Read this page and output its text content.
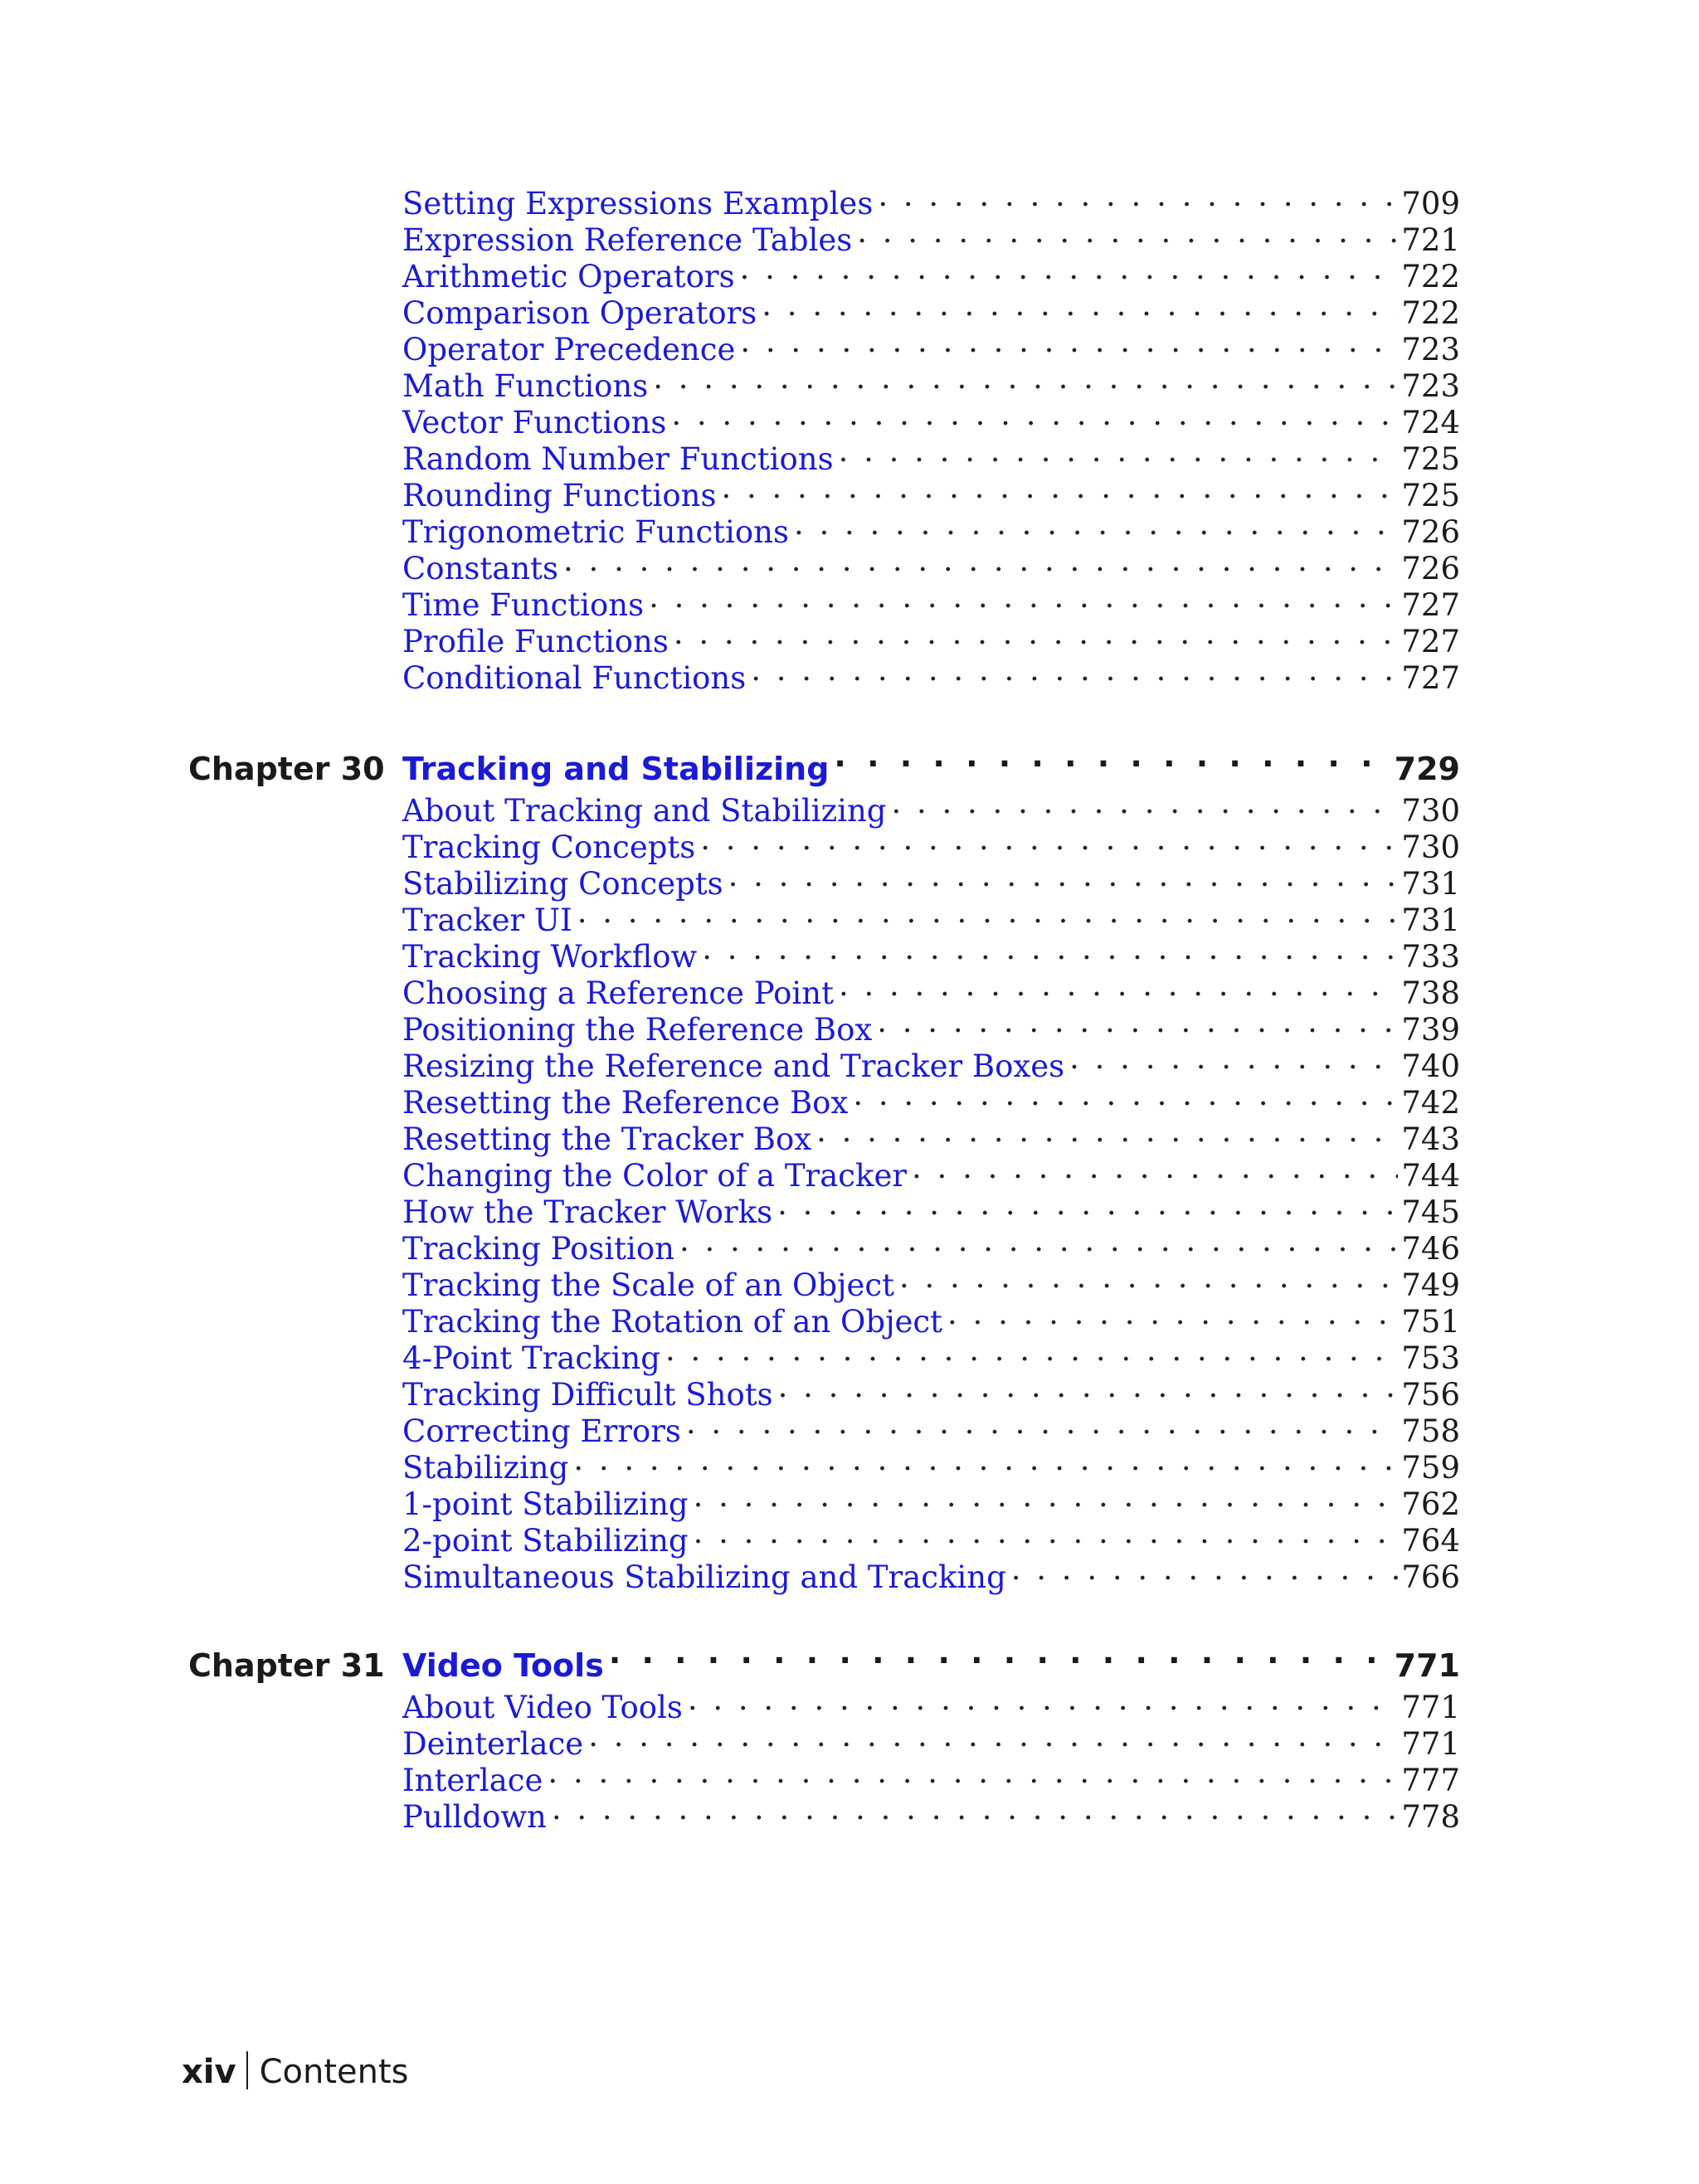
Setting Expressions Examples . . .	709
Expression Reference Tables . . .	721
Arithmetic Operators . . .	722
Comparison Operators . . .	722
Operator Precedence . . .	723
Math Functions . . .	723
Vector Functions . . .	724
Random Number Functions . . .	725
Rounding Functions . . .	725
Trigonometric Functions . . .	726
Constants . . .	726
Time Functions . . .	727
Profile Functions . . .	727
Conditional Functions . . .	727
Chapter 30 Tracking and Stabilizing . . .	729
About Tracking and Stabilizing . . .	730
Tracking Concepts . . .	730
Stabilizing Concepts . . .	731
Tracker UI . . .	731
Tracking Workflow . . .	733
Choosing a Reference Point . . .	738
Positioning the Reference Box . . .	739
Resizing the Reference and Tracker Boxes . . .	740
Resetting the Reference Box . . .	742
Resetting the Tracker Box . . .	743
Changing the Color of a Tracker . . .	744
How the Tracker Works . . .	745
Tracking Position . . .	746
Tracking the Scale of an Object . . .	749
Tracking the Rotation of an Object . . .	751
4-Point Tracking . . .	753
Tracking Difficult Shots . . .	756
Correcting Errors . . .	758
Stabilizing . . .	759
1-point Stabilizing . . .	762
2-point Stabilizing . . .	764
Simultaneous Stabilizing and Tracking . . .	766
Chapter 31 Video Tools . . .	771
About Video Tools . . .	771
Deinterlace . . .	771
Interlace . . .	777
Pulldown . . .	778
xiv Contents
